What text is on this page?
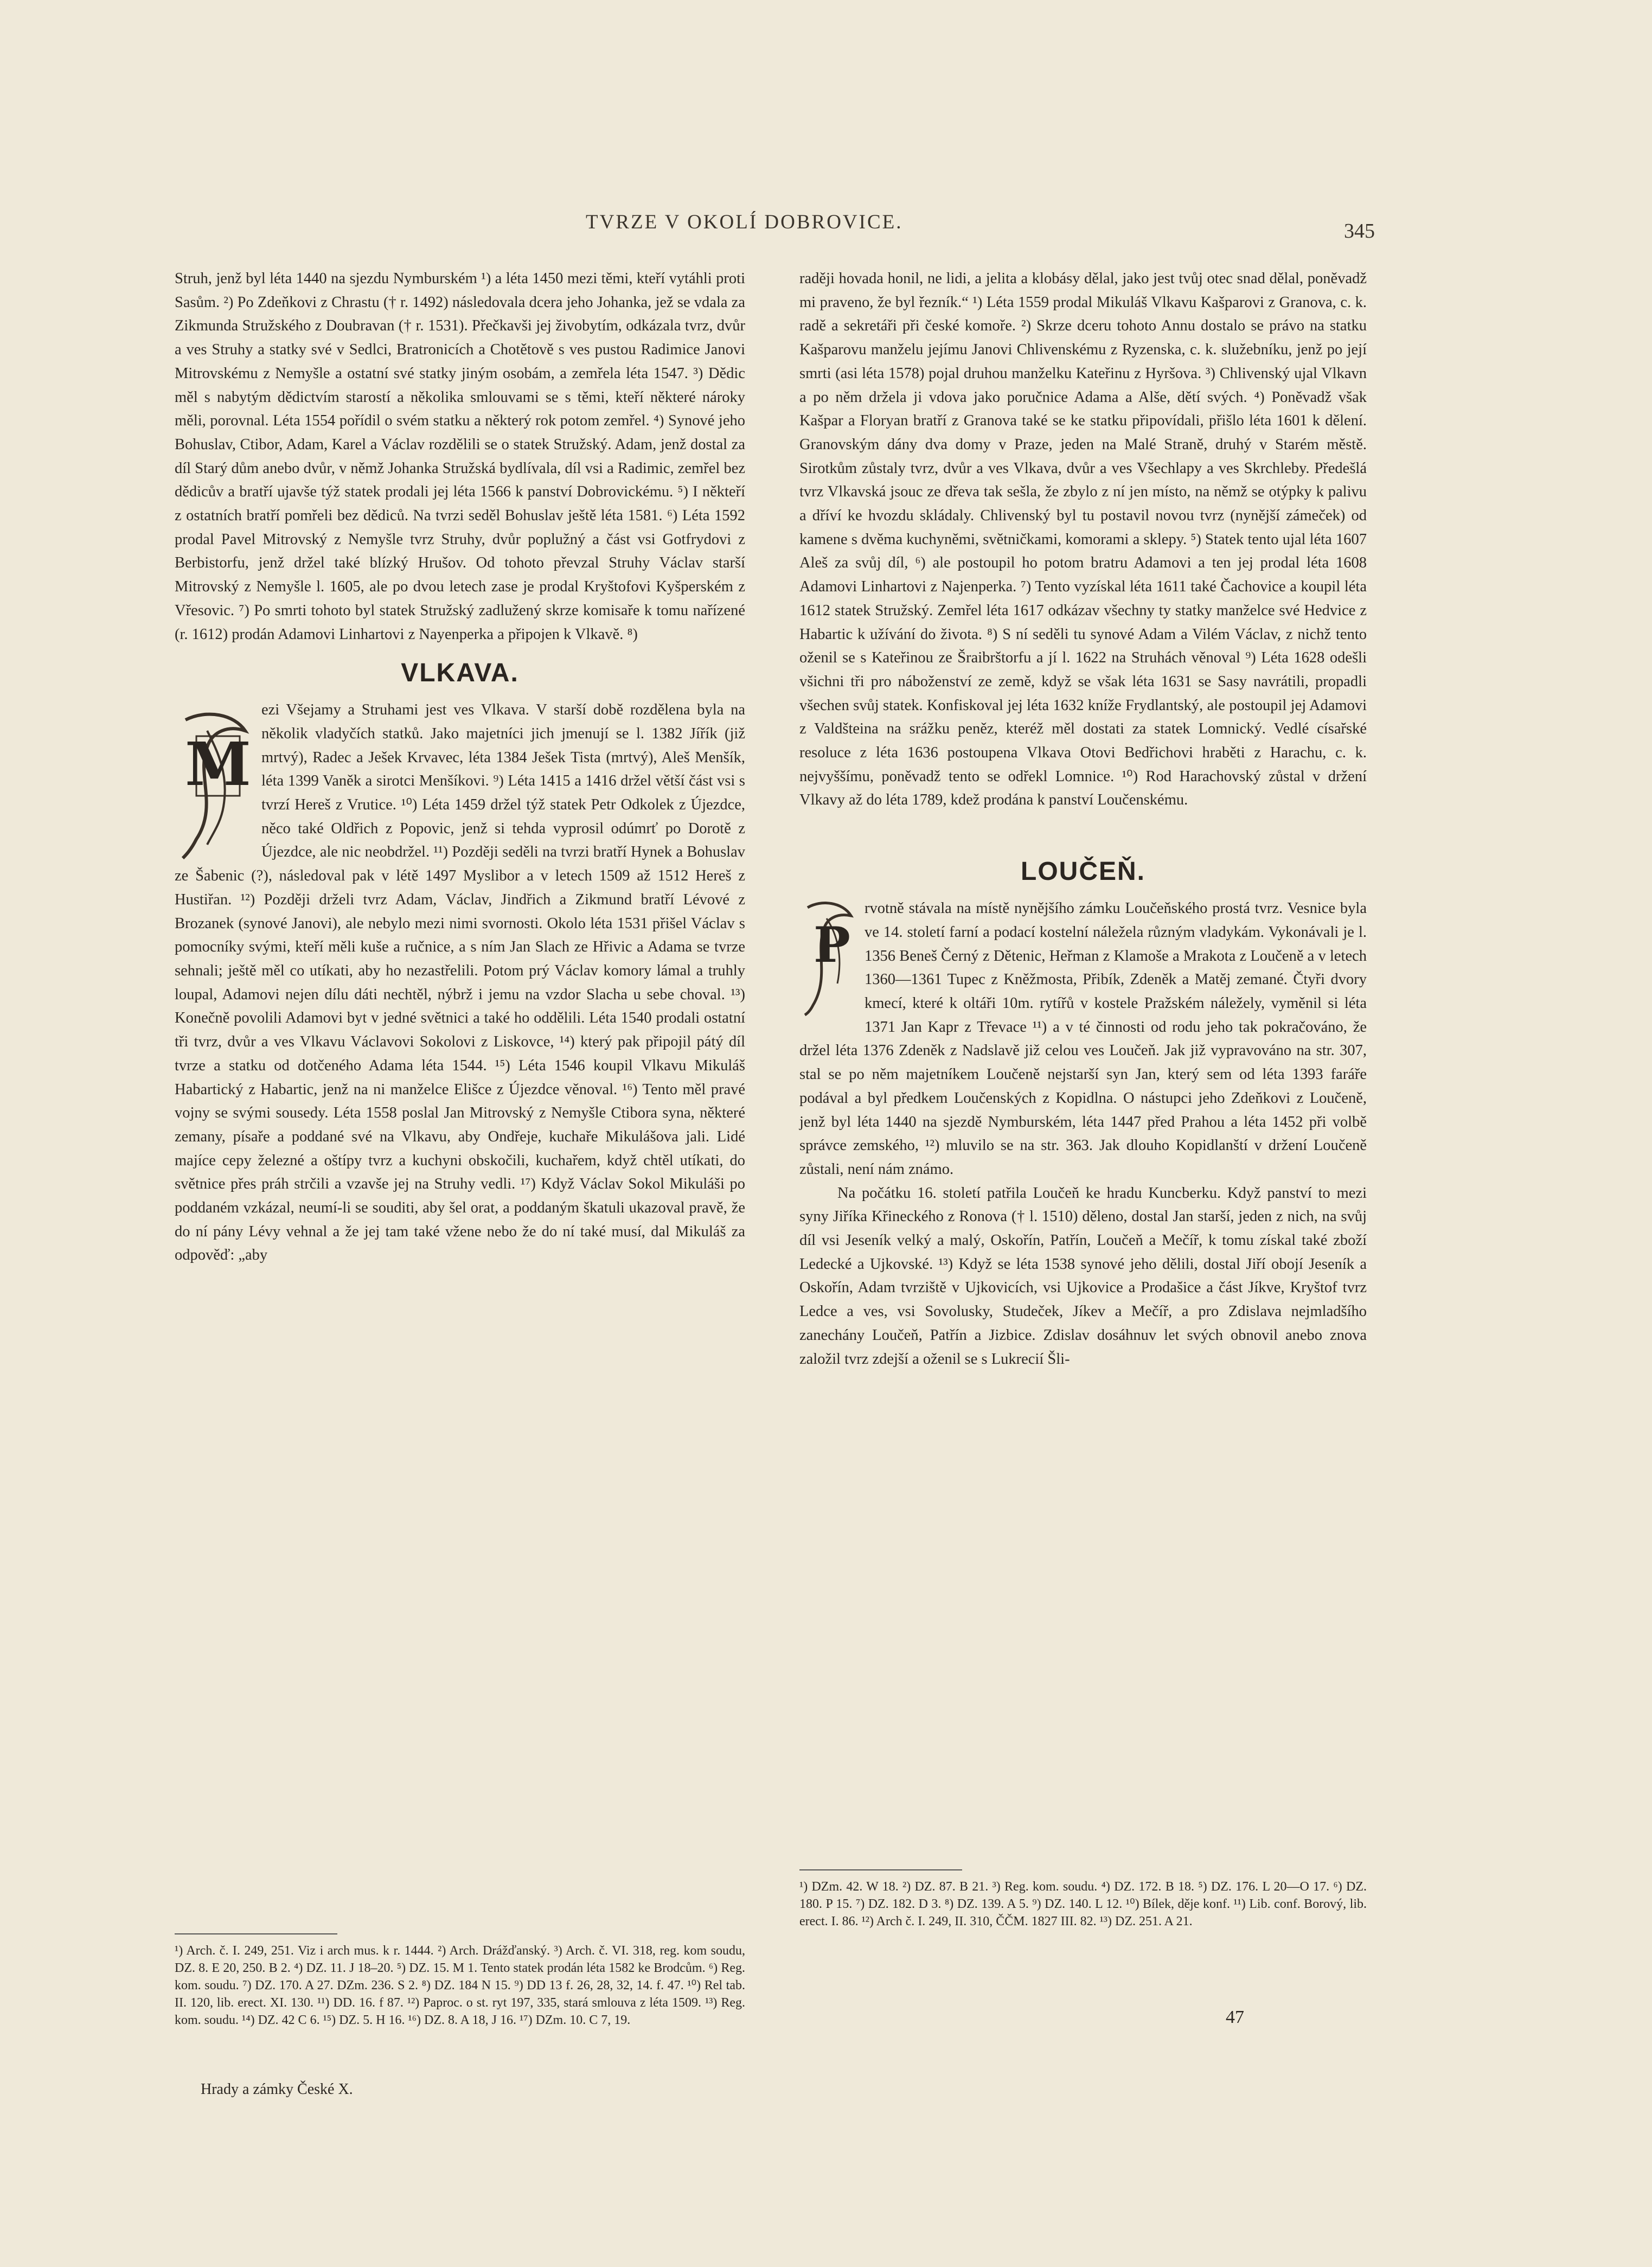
TVRZE V OKOLÍ DOBROVICE.	345

Struh, jenž byl léta 1440 na sjezdu Nymburském ¹) a léta 1450 mezi těmi, kteří vytáhli proti Sasům. ²) Po Zdeňkovi z Chrastu († r. 1492) následovala dcera jeho Johanka, jež se vdala za Zikmunda Stružského z Doubravan († r. 1531). Přečkavši jej živobytím, odkázala tvrz, dvůr a ves Struhy a statky své v Sedlci, Bratronicích a Chotětově s ves pustou Radimice Janovi Mitrovskému z Nemyšle a ostatní své statky jiným osobám, a zemřela léta 1547. ³) Dědic měl s nabytým dědictvím starostí a několika smlouvami se s těmi, kteří některé nároky měli, porovnal. Léta 1554 pořídil o svém statku a některý rok potom zemřel. ⁴) Synové jeho Bohuslav, Ctibor, Adam, Karel a Václav rozdělili se o statek Stružský. Adam, jenž dostal za díl Starý dům anebo dvůr, v němž Johanka Stružská bydlívala, díl vsi a Radimic, zemřel bez dědicův a bratří ujavše týž statek prodali jej léta 1566 k panství Dobrovickému. ⁵) I někteří z ostatních bratří pomřeli bez dědiců. Na tvrzi seděl Bohuslav ještě léta 1581. ⁶) Léta 1592 prodal Pavel Mitrovský z Nemyšle tvrz Struhy, dvůr poplužný a část vsi Gotfrydovi z Berbistorfu, jenž držel také blízký Hrušov. Od tohoto převzal Struhy Václav starší Mitrovský z Nemyšle l. 1605, ale po dvou letech zase je prodal Kryštofovi Kyšperském z Vřesovic. ⁷) Po smrti tohoto byl statek Stružský zadlužený skrze komisaře k tomu nařízené (r. 1612) prodán Adamovi Linhartovi z Nayenperka a připojen k Vlkavě. ⁸)

VLKAVA.
M

ezi Všejamy a Struhami jest ves Vlkava. V starší době rozdělena byla na několik vladyčích statků. Jako majetníci jich jmenují se l. 1382 Jířík (již mrtvý), Radec a Ješek Krvavec, léta 1384 Ješek Tista (mrtvý), Aleš Menšík, léta 1399 Vaněk a sirotci Menšíkovi. ⁹) Léta 1415 a 1416 držel větší část vsi s tvrzí Hereš z Vrutice. ¹⁰) Léta 1459 držel týž statek Petr Odkolek z Újezdce, něco také Oldřich z Popovic, jenž si tehda vyprosil odúmrť po Dorotě z Újezdce, ale nic neobdržel. ¹¹) Později seděli na tvrzi bratří Hynek a Bohuslav ze Šabenic (?), následoval pak v létě 1497 Myslibor a v letech 1509 až 1512 Hereš z Hustiřan. ¹²) Později drželi tvrz Adam, Václav, Jindřich a Zikmund bratří Lévové z Brozanek (synové Janovi), ale nebylo mezi nimi svornosti. Okolo léta 1531 přišel Václav s pomocníky svými, kteří měli kuše a ručnice, a s ním Jan Slach ze Hřivic a Adama se tvrze sehnali; ještě měl co utíkati, aby ho nezastřelili. Potom prý Václav komory lámal a truhly loupal, Adamovi nejen dílu dáti nechtěl, nýbrž i jemu na vzdor Slacha u sebe choval. ¹³) Konečně povolili Adamovi byt v jedné světnici a také ho oddělili. Léta 1540 prodali ostatní tři tvrz, dvůr a ves Vlkavu Václavovi Sokolovi z Liskovce, ¹⁴) který pak připojil pátý díl tvrze a statku od dotčeného Adama léta 1544. ¹⁵) Léta 1546 koupil Vlkavu Mikuláš Habartický z Habartic, jenž na ni manželce Elišce z Újezdce věnoval. ¹⁶) Tento měl pravé vojny se svými sousedy. Léta 1558 poslal Jan Mitrovský z Nemyšle Ctibora syna, některé zemany, písaře a poddané své na Vlkavu, aby Ondřeje, kuchaře Mikulášova jali. Lidé majíce cepy železné a oštípy tvrz a kuchyni obskočili, kuchařem, když chtěl utíkati, do světnice přes práh strčili a vzavše jej na Struhy vedli. ¹⁷) Když Václav Sokol Mikuláši po poddaném vzkázal, neumí-li se souditi, aby šel orat, a poddaným škatuli ukazoval pravě, že do ní pány Lévy vehnal a že jej tam také vžene nebo že do ní také musí, dal Mikuláš za odpověď: „aby

raději hovada honil, ne lidi, a jelita a klobásy dělal, jako jest tvůj otec snad dělal, poněvadž mi praveno, že byl řezník.“ ¹) Léta 1559 prodal Mikuláš Vlkavu Kašparovi z Granova, c. k. radě a sekretáři při české komoře. ²) Skrze dceru tohoto Annu dostalo se právo na statku Kašparovu manželu jejímu Janovi Chlivenskému z Ryzenska, c. k. služebníku, jenž po její smrti (asi léta 1578) pojal druhou manželku Kateřinu z Hyršova. ³) Chlivenský ujal Vlkavn a po něm držela ji vdova jako poručnice Adama a Alše, dětí svých. ⁴) Poněvadž však Kašpar a Floryan bratří z Granova také se ke statku připovídali, přišlo léta 1601 k dělení. Granovským dány dva domy v Praze, jeden na Malé Straně, druhý v Starém městě. Sirotkům zůstaly tvrz, dvůr a ves Vlkava, dvůr a ves Všechlapy a ves Skrchleby. Předešlá tvrz Vlkavská jsouc ze dřeva tak sešla, že zbylo z ní jen místo, na němž se otýpky k palivu a dříví ke hvozdu skládaly. Chlivenský byl tu postavil novou tvrz (nynější zámeček) od kamene s dvěma kuchyněmi, světničkami, komorami a sklepy. ⁵) Statek tento ujal léta 1607 Aleš za svůj díl, ⁶) ale postoupil ho potom bratru Adamovi a ten jej prodal léta 1608 Adamovi Linhartovi z Najenperka. ⁷) Tento vyzískal léta 1611 také Čachovice a koupil léta 1612 statek Stružský. Zemřel léta 1617 odkázav všechny ty statky manželce své Hedvice z Habartic k užívání do života. ⁸) S ní seděli tu synové Adam a Vilém Václav, z nichž tento oženil se s Kateřinou ze Šraibrštorfu a jí l. 1622 na Struhách věnoval ⁹) Léta 1628 odešli všichni tři pro náboženství ze země, když se však léta 1631 se Sasy navrátili, propadli všechen svůj statek. Konfiskoval jej léta 1632 kníže Frydlantský, ale postoupil jej Adamovi z Valdšteina na srážku peněz, kteréž měl dostati za statek Lomnický. Vedlé císařské resoluce z léta 1636 postoupena Vlkava Otovi Bedřichovi hraběti z Harachu, c. k. nejvyššímu, poněvadž tento se odřekl Lomnice. ¹⁰) Rod Harachovský zůstal v držení Vlkavy až do léta 1789, kdež prodána k panství Loučenskému.

LOUČEŇ.
P

rvotně stávala na místě nynějšího zámku Loučeňského prostá tvrz. Vesnice byla ve 14. století farní a podací kostelní náležela různým vladykám. Vykonávali je l. 1356 Beneš Černý z Dětenic, Heřman z Klamoše a Mrakota z Loučeně a v letech 1360—1361 Tupec z Kněžmosta, Přibík, Zdeněk a Matěj zemané. Čtyři dvory kmecí, které k oltáři 10m. rytířů v kostele Pražském náležely, vyměnil si léta 1371 Jan Kapr z Třevace ¹¹) a v té činnosti od rodu jeho tak pokračováno, že držel léta 1376 Zdeněk z Nadslavě již celou ves Loučeň. Jak již vypravováno na str. 307, stal se po něm majetníkem Loučeně nejstarší syn Jan, který sem od léta 1393 faráře podával a byl předkem Loučenských z Kopidlna. O nástupci jeho Zdeňkovi z Loučeně, jenž byl léta 1440 na sjezdě Nymburském, léta 1447 před Prahou a léta 1452 při volbě správce zemského, ¹²) mluvilo se na str. 363. Jak dlouho Kopidlanští v držení Loučeně zůstali, není nám známo.

Na počátku 16. století patřila Loučeň ke hradu Kuncberku. Když panství to mezi syny Jiříka Křineckého z Ronova († l. 1510) děleno, dostal Jan starší, jeden z nich, na svůj díl vsi Jeseník velký a malý, Oskořín, Patřín, Loučeň a Mečíř, k tomu získal také zboží Ledecké a Ujkovské. ¹³) Když se léta 1538 synové jeho dělili, dostal Jiří obojí Jeseník a Oskořín, Adam tvrziště v Ujkovicích, vsi Ujkovice a Prodašice a část Jíkve, Kryštof tvrz Ledce a ves, vsi Sovolusky, Studeček, Jíkev a Mečíř, a pro Zdislava nejmladšího zanechány Loučeň, Patřín a Jizbice. Zdislav dosáhnuv let svých obnovil anebo znova založil tvrz zdejší a oženil se s Lukrecií Šli-

¹) Arch. č. I. 249, 251. Viz i arch mus. k r. 1444. ²) Arch. Drážďanský. ³) Arch. č. VI. 318, reg. kom soudu, DZ. 8. E 20, 250. B 2. ⁴) DZ. 11. J 18–20. ⁵) DZ. 15. M 1. Tento statek prodán léta 1582 ke Brodcům. ⁶) Reg. kom. soudu. ⁷) DZ. 170. A 27. DZm. 236. S 2. ⁸) DZ. 184 N 15. ⁹) DD 13 f. 26, 28, 32, 14. f. 47. ¹⁰) Rel tab. II. 120, lib. erect. XI. 130. ¹¹) DD. 16. f 87. ¹²) Paproc. o st. ryt 197, 335, stará smlouva z léta 1509. ¹³) Reg. kom. soudu. ¹⁴) DZ. 42 C 6. ¹⁵) DZ. 5. H 16. ¹⁶) DZ. 8. A 18, J 16. ¹⁷) DZm. 10. C 7, 19.
Hrady a zámky České X.
¹) DZm. 42. W 18. ²) DZ. 87. B 21. ³) Reg. kom. soudu. ⁴) DZ. 172. B 18. ⁵) DZ. 176. L 20—O 17. ⁶) DZ. 180. P 15. ⁷) DZ. 182. D 3. ⁸) DZ. 139. A 5. ⁹) DZ. 140. L 12. ¹⁰) Bílek, děje konf. ¹¹) Lib. conf. Borový, lib. erect. I. 86. ¹²) Arch č. I. 249, II. 310, ČČM. 1827 III. 82. ¹³) DZ. 251. A 21.
47
